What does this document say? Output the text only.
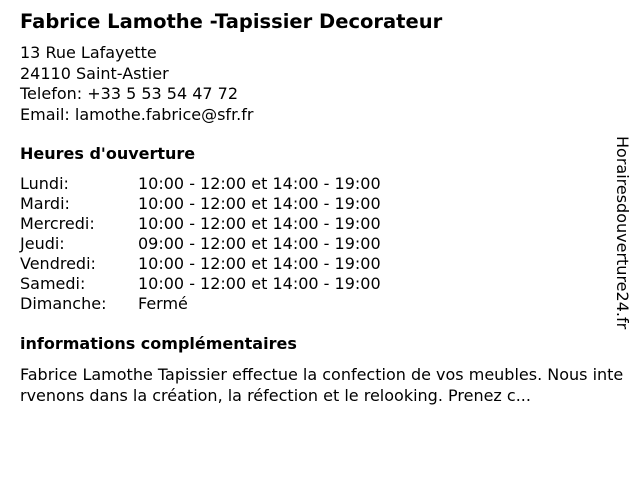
Fabrice Lamothe -Tapissier Decorateur
13 Rue Lafayette
24110 Saint-Astier
Telefon: +33 5 53 54 47 72
Email: lamothe.fabrice@sfr.fr
Heures d'ouverture
Lundi:	10:00 - 12:00 et 14:00 - 19:00
Mardi:	10:00 - 12:00 et 14:00 - 19:00
Mercredi:	10:00 - 12:00 et 14:00 - 19:00
Jeudi:	09:00 - 12:00 et 14:00 - 19:00
Vendredi:	10:00 - 12:00 et 14:00 - 19:00
Samedi:	10:00 - 12:00 et 14:00 - 19:00
Dimanche: Fermé
informations complémentaires
Fabrice Lamothe Tapissier effectue la confection de vos meubles. Nous intervenons dans la création, la réfection et le relooking. Prenez c...
Horairesdouverture24.fr
